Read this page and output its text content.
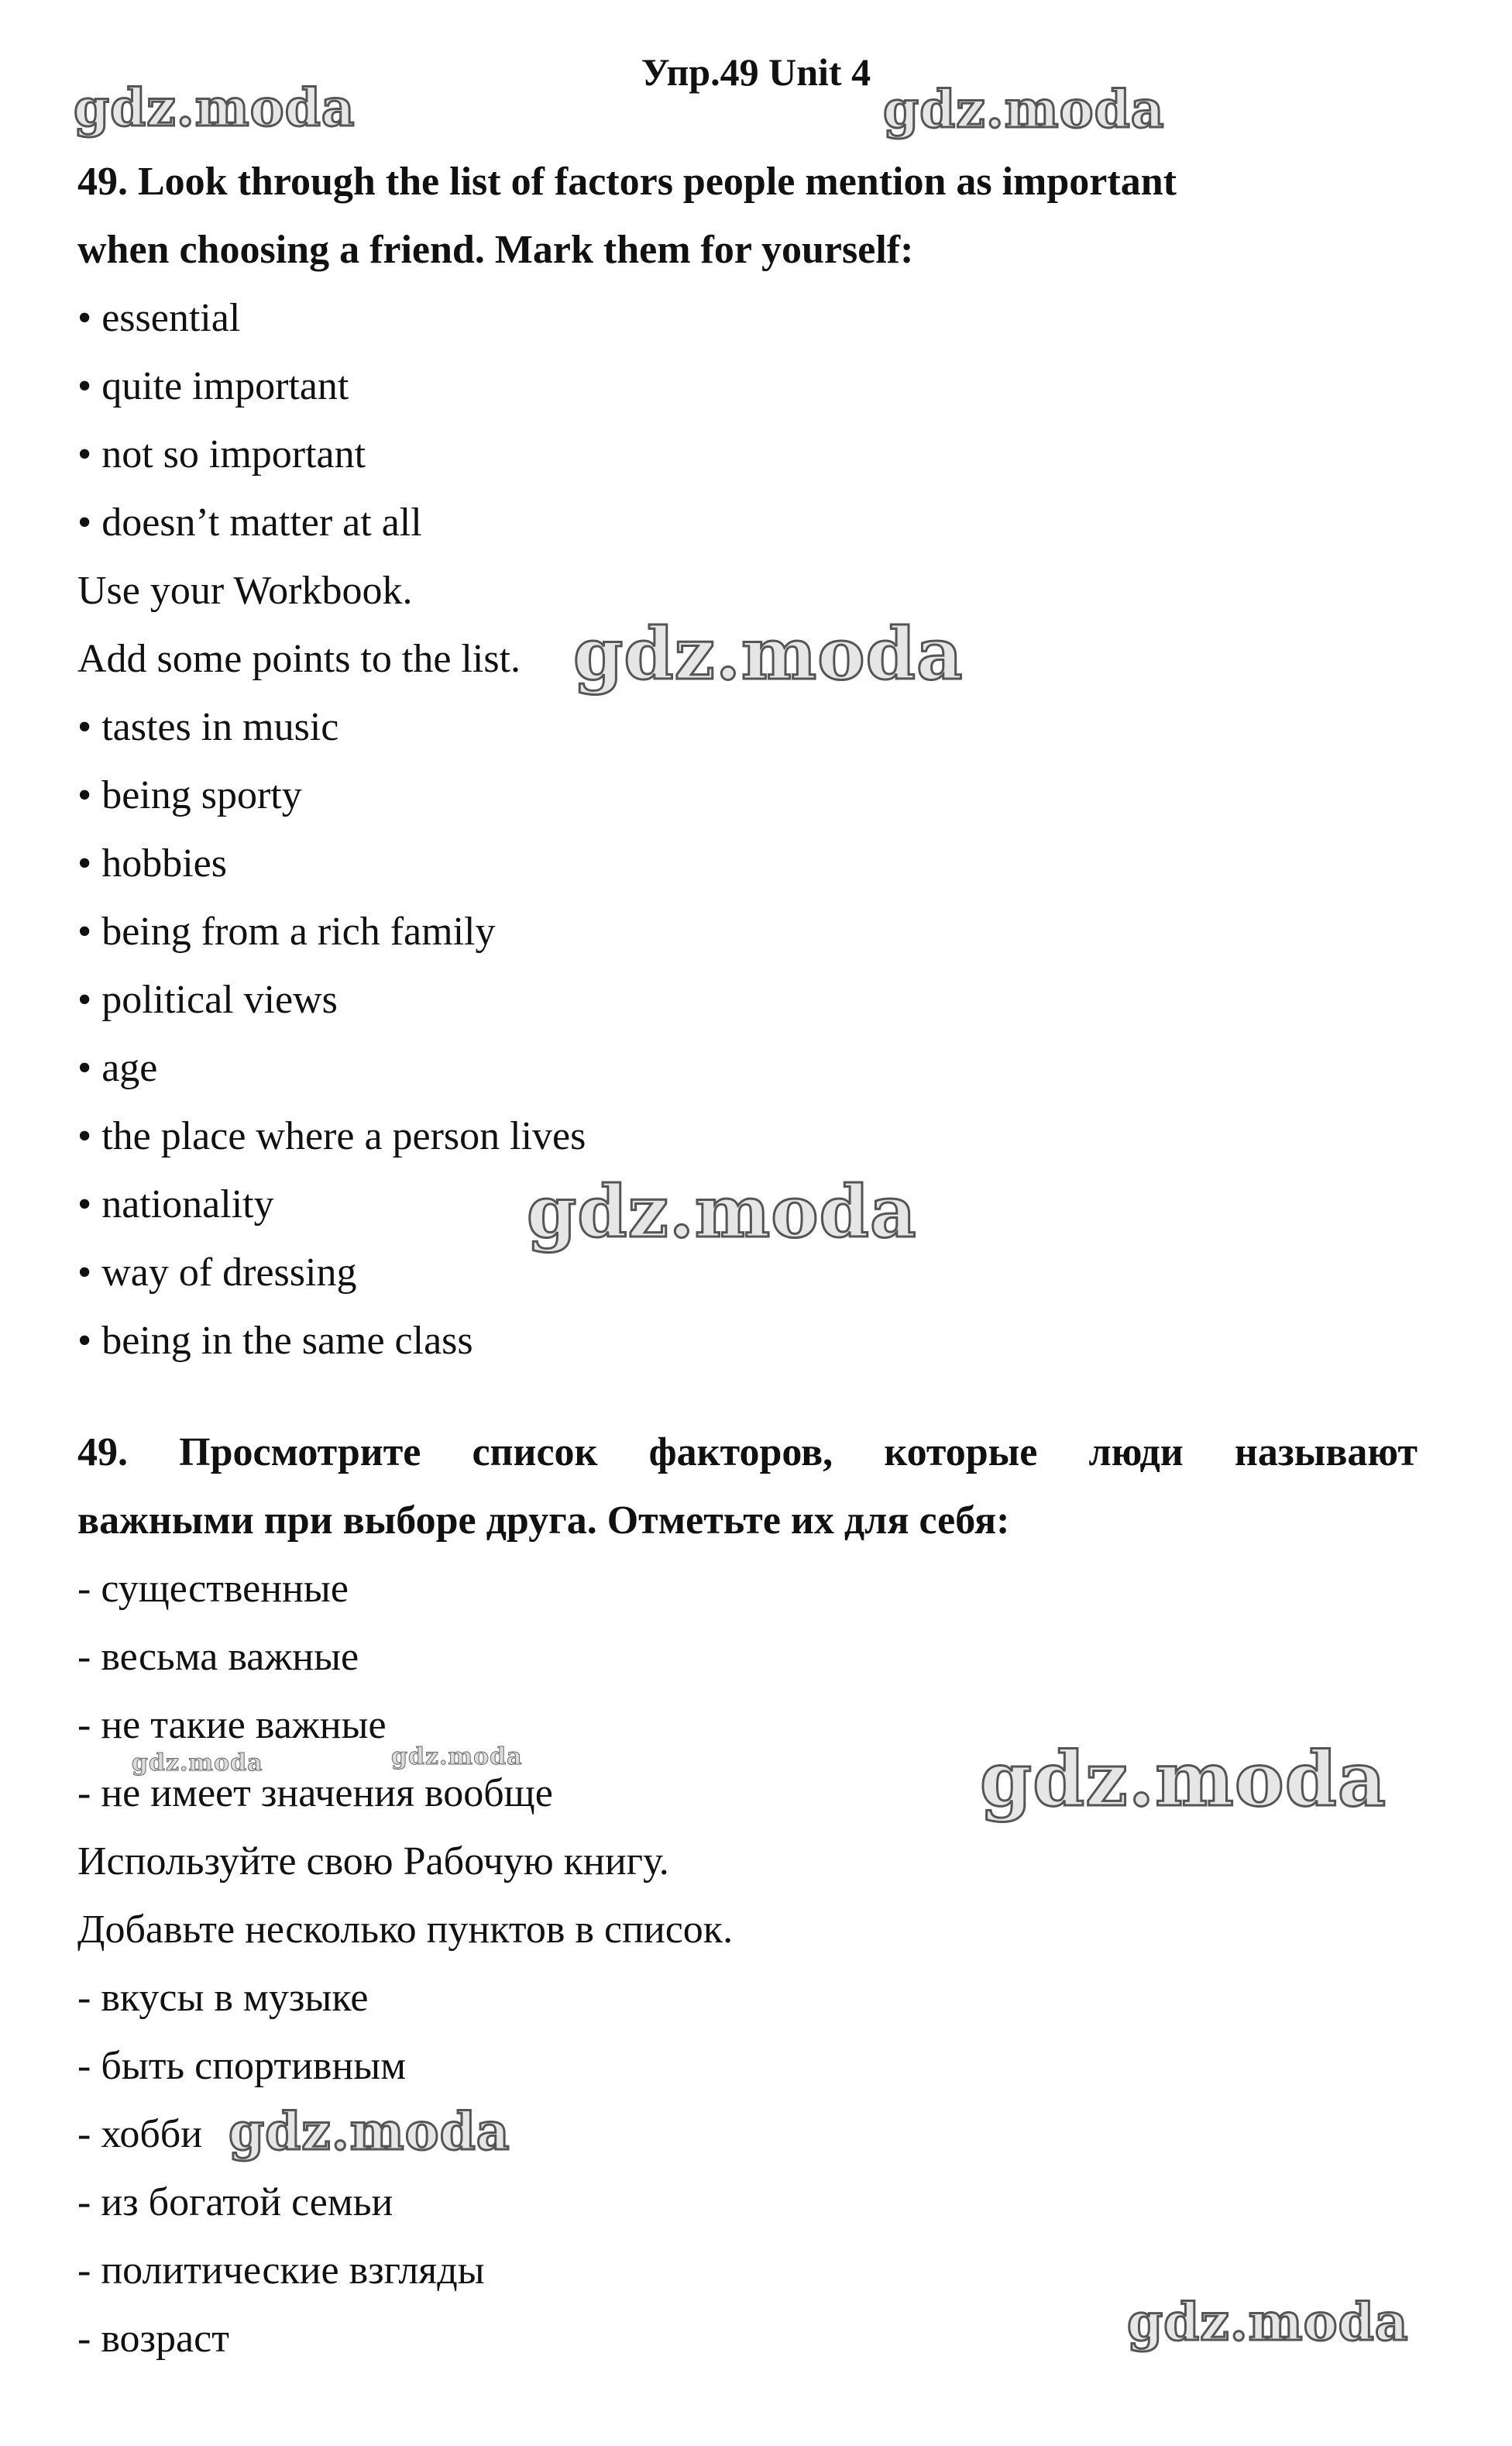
Упр.49 Unit 4
gdz.moda	gdz.moda
gdz.moda
gdz.moda
gdz.moda	gdz.moda	gdz.moda
gdz.moda
gdz.moda
49. Look through the list of factors people mention as important
when choosing a friend. Mark them for yourself:
• essential
• quite important
• not so important
• doesn’t matter at all
Use your Workbook.
Add some points to the list.
• tastes in music
• being sporty
• hobbies
• being from a rich family
• political views
• age
• the place where a person lives
• nationality
• way of dressing
• being in the same class
49. Просмотрите список факторов, которые люди называют
важными при выборе друга. Отметьте их для себя:
- существенные
- весьма важные
- не такие важные
- не имеет значения вообще
Используйте свою Рабочую книгу.
Добавьте несколько пунктов в список.
- вкусы в музыке
- быть спортивным
- хобби
- из богатой семьи
- политические взгляды
- возраст
